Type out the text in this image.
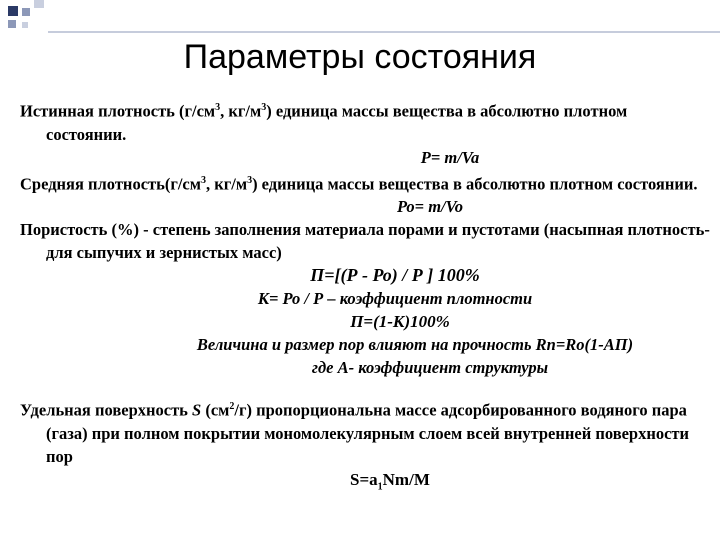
Параметры состояния

Истинная плотность ($г/см^3$, $кг/м^3$) единица массы вещества в абсолютно плотном состоянии.

Р= m/Va

Средняя $плотность(г/см^3$, $кг/м^3$) единица массы вещества в абсолютно плотном состоянии.

Ро= m/Vo

Пористость (%) - степень заполнения материала порами и пустотами (насыпная плотность- для сыпучих и зернистых масс)

П=[(Р - Ро) / Р ] 100%

К= Ро / Р – коэффициент плотности

П=(1-К)100%

Величина и размер пор влияют на прочность Rn=Ro(1-AП)

где А- коэффициент структуры

Удельная поверхность S $(см^2/г)$ пропорциональна массе адсорбированного водяного пара (газа) при полном покрытии мономолекулярным слоем всей внутренней поверхности пор

$S=a_1Nm/M$
